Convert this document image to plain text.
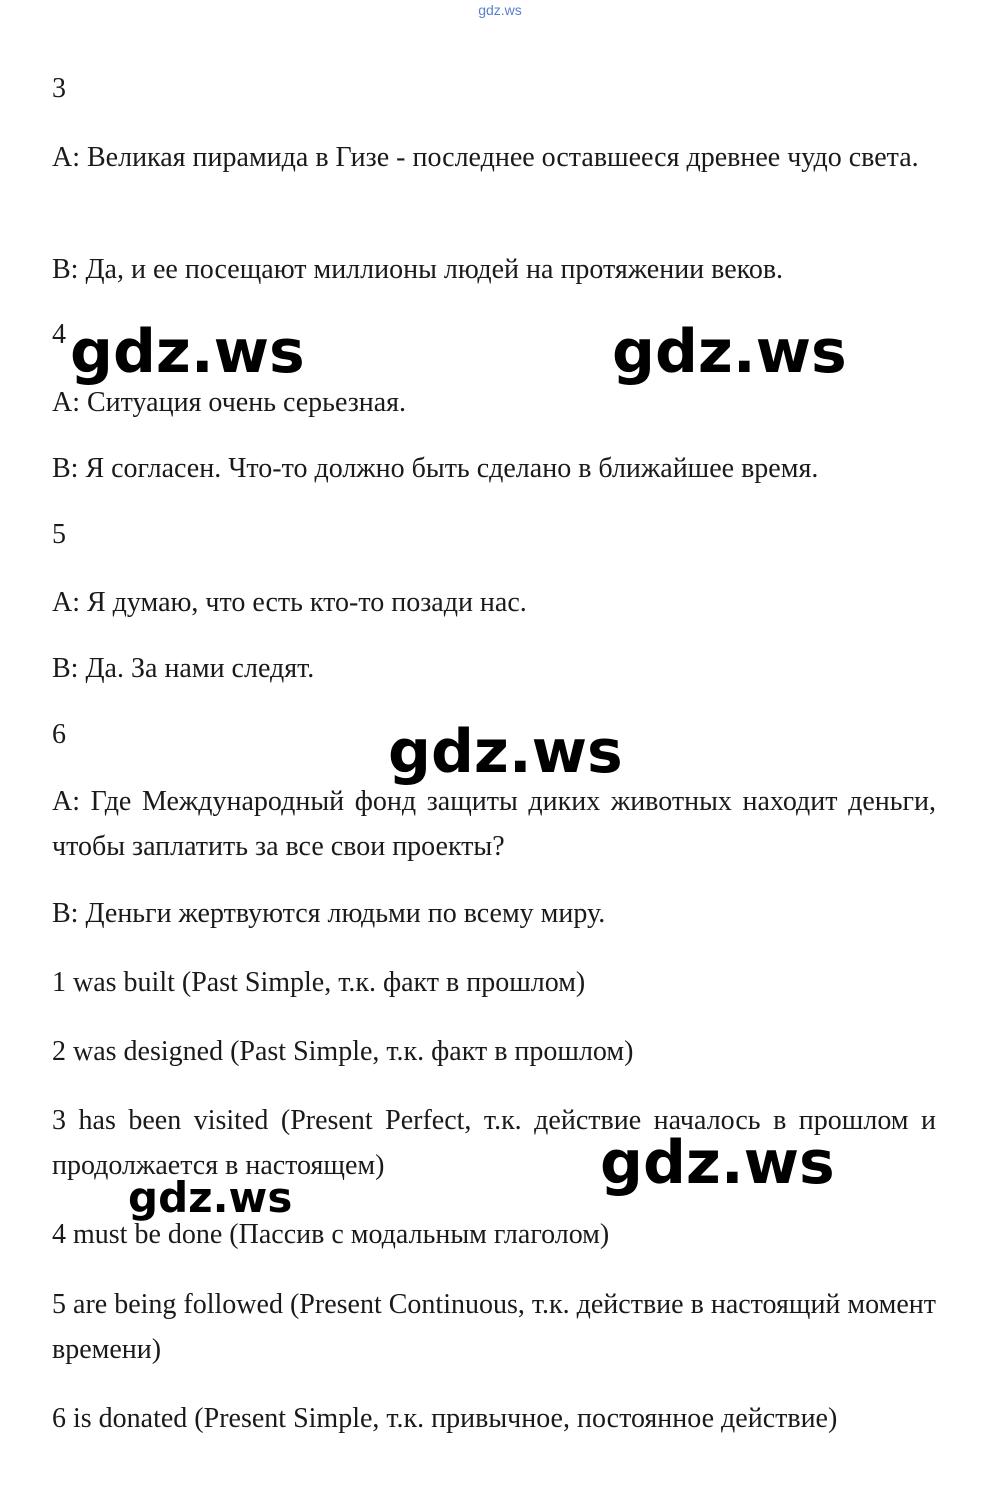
gdz.ws

3

А: Великая пирамида в Гизе - последнее оставшееся древнее чудо света.

В: Да, и ее посещают миллионы людей на протяжении веков.

4

А: Ситуация очень серьезная.

В: Я согласен. Что-то должно быть сделано в ближайшее время.

5

А: Я думаю, что есть кто-то позади нас.

В: Да. За нами следят.

6

А: Где Международный фонд защиты диких животных находит деньги, чтобы заплатить за все свои проекты?

В: Деньги жертвуются людьми по всему миру.

1 was built (Past Simple, т.к. факт в прошлом)

2 was designed (Past Simple, т.к. факт в прошлом)

3 has been visited (Present Perfect, т.к. действие началось в прошлом и продолжается в настоящем)

4 must be done (Пассив с модальным глаголом)

5 are being followed (Present Continuous, т.к. действие в настоящий момент времени)

6 is donated (Present Simple, т.к. привычное, постоянное действие)

gdz.ws	gdz.ws
gdz.ws
gdz.ws
gdz.ws
